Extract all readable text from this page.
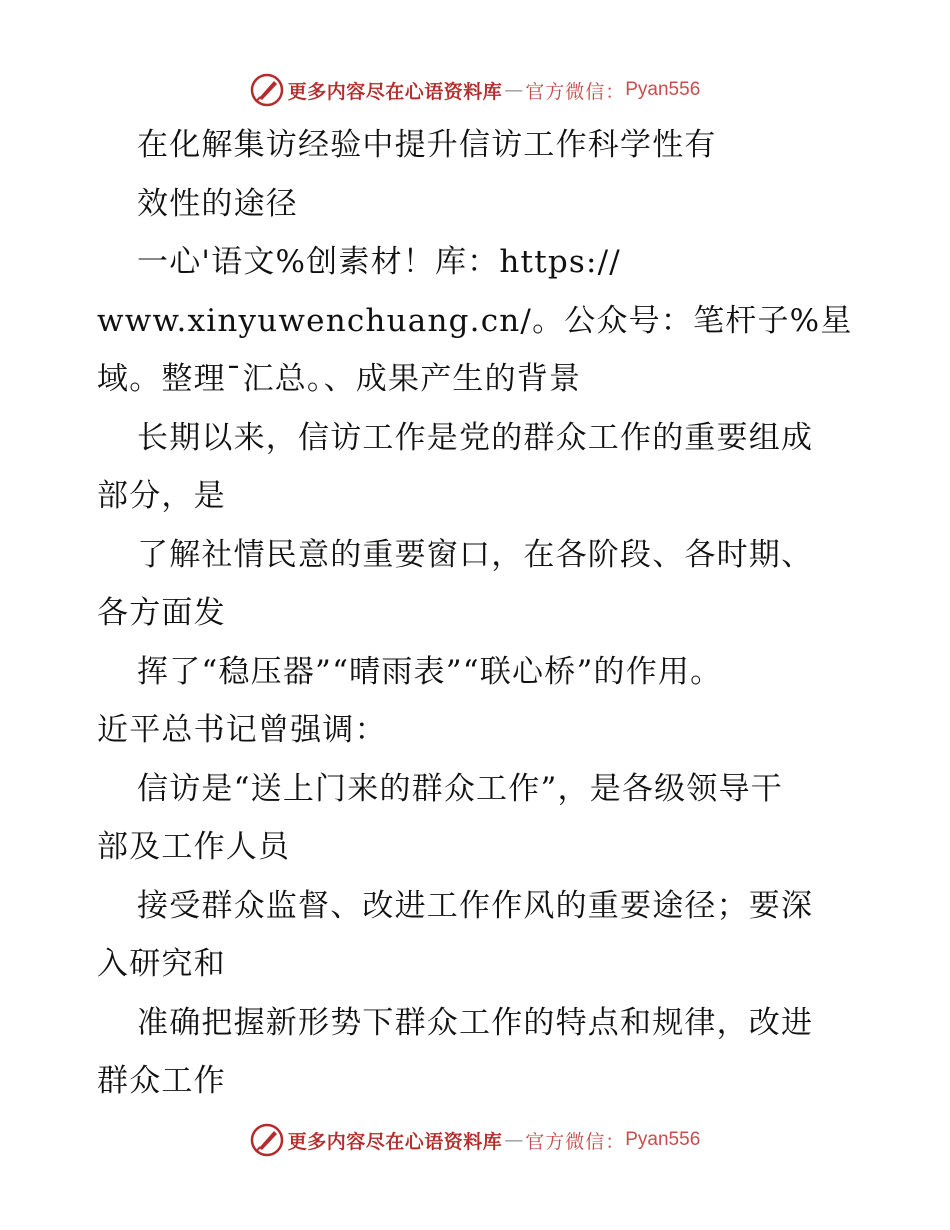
更多内容尽在心语资料库 — 官方微信： Pyan556
在化解集访经验中提升信访工作科学性有
效性的途径
一心'语文%创素材！库：https://
www.xinyuwenchuang.cn/。公众号：笔杆子%星
域。整理¯汇总。、成果产生的背景
长期以来，信访工作是党的群众工作的重要组成
部分，是
了解社情民意的重要窗口，在各阶段、各时期、
各方面发
挥了“稳压器”“晴雨表”“联心桥”的作用。
近平总书记曾强调：
信访是“送上门来的群众工作”，是各级领导干
部及工作人员
接受群众监督、改进工作作风的重要途径；要深
入研究和
准确把握新形势下群众工作的特点和规律，改进
群众工作
更多内容尽在心语资料库 — 官方微信： Pyan556
